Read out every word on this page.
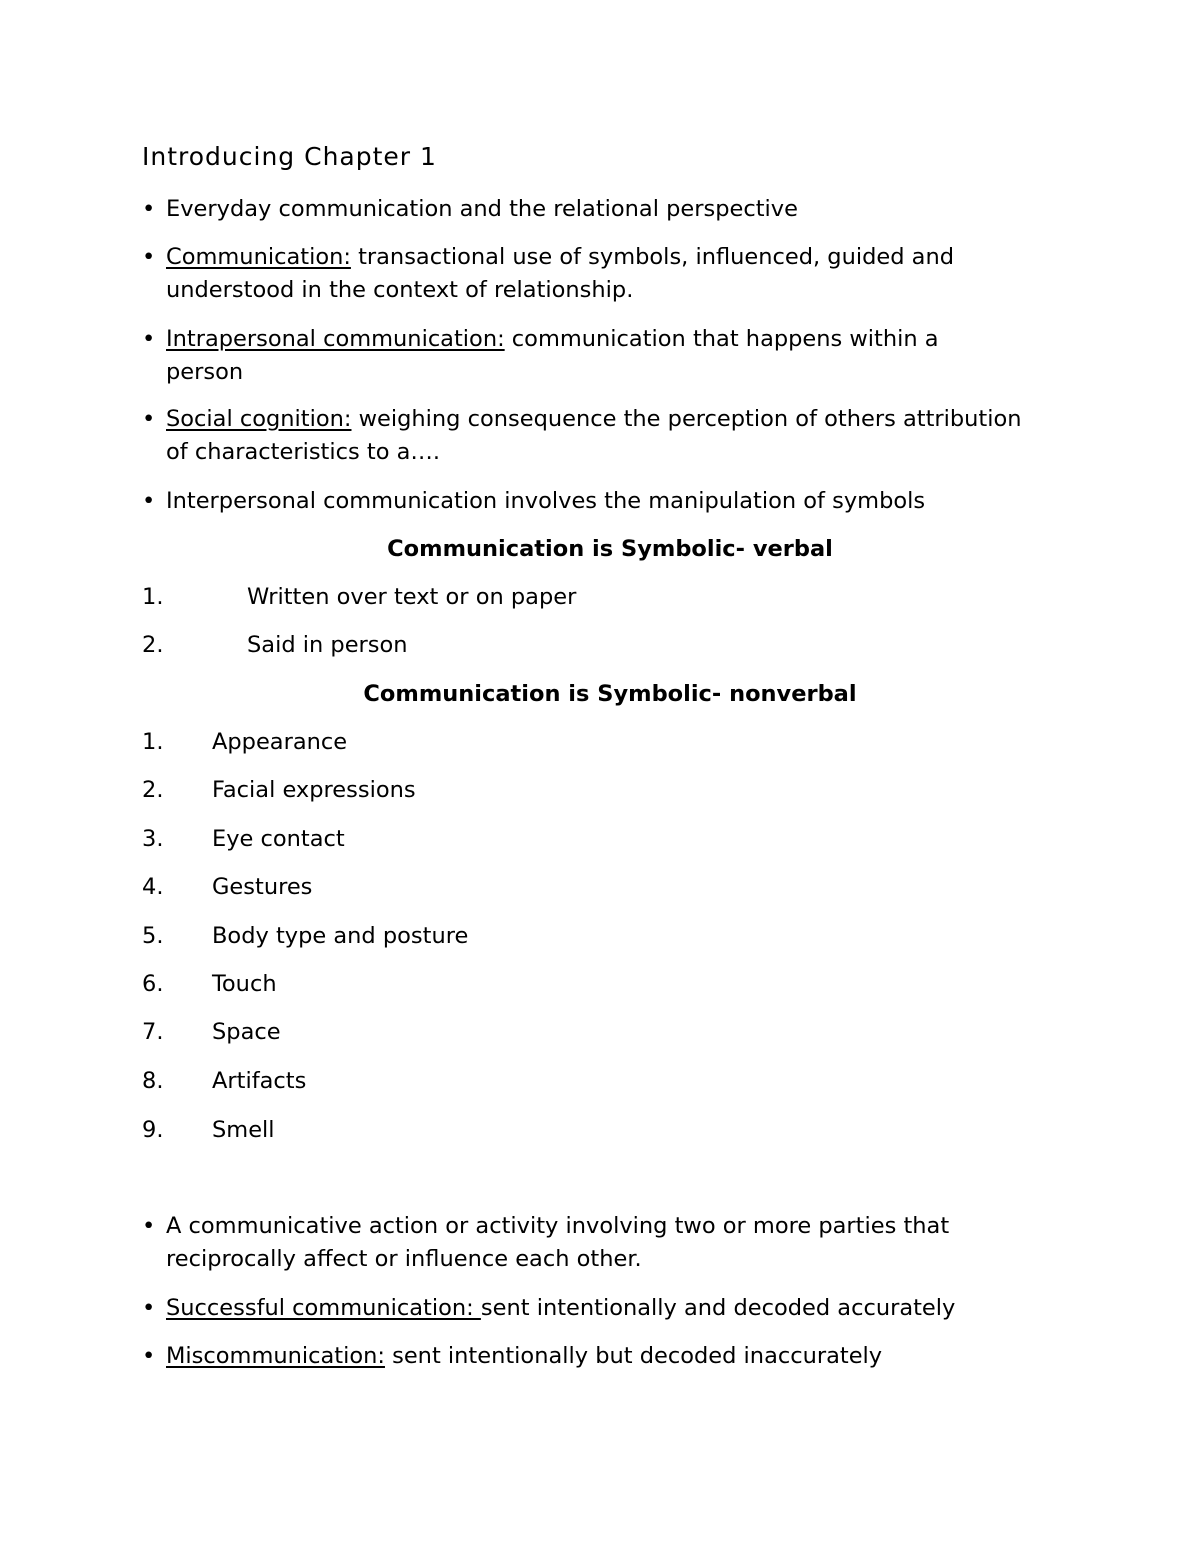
Introducing Chapter 1
• Everyday communication and the relational perspective
• Communication: transactional use of symbols, influenced, guided and understood in the context of relationship.
• Intrapersonal communication: communication that happens within a person
• Social cognition: weighing consequence the perception of others attribution of characteristics to a….
• Interpersonal communication involves the manipulation of symbols
Communication is Symbolic- verbal
1.	Written over text or on paper
2.	Said in person
Communication is Symbolic- nonverbal
1. Appearance
2. Facial expressions
3. Eye contact
4. Gestures
5. Body type and posture
6. Touch
7. Space
8. Artifacts
9. Smell
• A communicative action or activity involving two or more parties that reciprocally affect or influence each other.
• Successful communication: sent intentionally and decoded accurately
• Miscommunication: sent intentionally but decoded inaccurately
